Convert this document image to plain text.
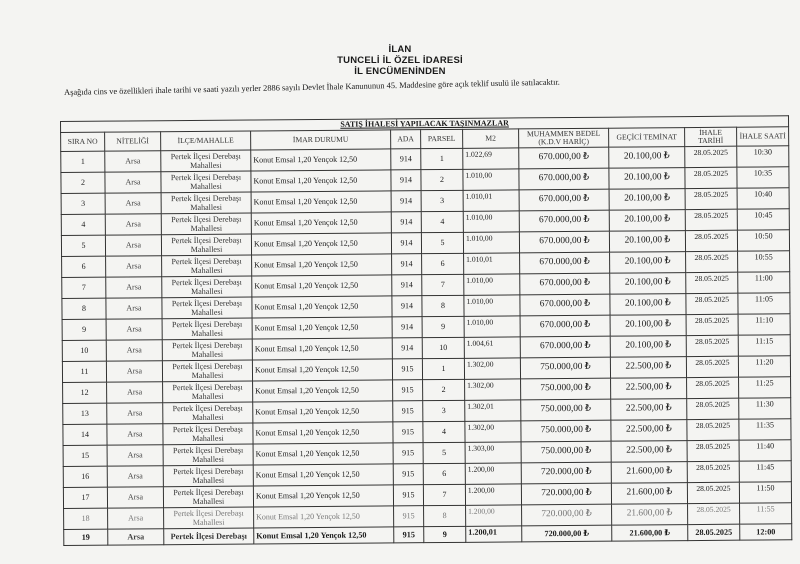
İLAN
TUNCELİ İL ÖZEL İDARESİ
İL ENCÜMENİNDEN
Aşağıda cins ve özellikleri ihale tarihi ve saati yazılı yerler 2886 sayılı Devlet İhale Kanununun 45. Maddesine göre açık teklif usulü ile satılacaktır.
SATIŞ İHALESİ YAPILACAK TAŞINMAZLAR										
SIRA NO	NİTELİĞİ	İLÇE/MAHALLE	İMAR DURUMU	ADA	PARSEL	M2	MUHAMMEN BEDEL (K.D.V HARİÇ)	GEÇİCİ TEMİNAT	İHALE TARİHİ	İHALE SAATİ
1	Arsa	Pertek İlçesi Derebaşı Mahallesi	Konut Emsal 1,20 Yençok 12,50	914	1	1.022,69	670.000,00 ₺	20.100,00 ₺	28.05.2025	10:30
2	Arsa	Pertek İlçesi Derebaşı Mahallesi	Konut Emsal 1,20 Yençok 12,50	914	2	1.010,00	670.000,00 ₺	20.100,00 ₺	28.05.2025	10:35
3	Arsa	Pertek İlçesi Derebaşı Mahallesi	Konut Emsal 1,20 Yençok 12,50	914	3	1.010,01	670.000,00 ₺	20.100,00 ₺	28.05.2025	10:40
4	Arsa	Pertek İlçesi Derebaşı Mahallesi	Konut Emsal 1,20 Yençok 12,50	914	4	1.010,00	670.000,00 ₺	20.100,00 ₺	28.05.2025	10:45
5	Arsa	Pertek İlçesi Derebaşı Mahallesi	Konut Emsal 1,20 Yençok 12,50	914	5	1.010,00	670.000,00 ₺	20.100,00 ₺	28.05.2025	10:50
6	Arsa	Pertek İlçesi Derebaşı Mahallesi	Konut Emsal 1,20 Yençok 12,50	914	6	1.010,01	670.000,00 ₺	20.100,00 ₺	28.05.2025	10:55
7	Arsa	Pertek İlçesi Derebaşı Mahallesi	Konut Emsal 1,20 Yençok 12,50	914	7	1.010,00	670.000,00 ₺	20.100,00 ₺	28.05.2025	11:00
8	Arsa	Pertek İlçesi Derebaşı Mahallesi	Konut Emsal 1,20 Yençok 12,50	914	8	1.010,00	670.000,00 ₺	20.100,00 ₺	28.05.2025	11:05
9	Arsa	Pertek İlçesi Derebaşı Mahallesi	Konut Emsal 1,20 Yençok 12,50	914	9	1.010,00	670.000,00 ₺	20.100,00 ₺	28.05.2025	11:10
10	Arsa	Pertek İlçesi Derebaşı Mahallesi	Konut Emsal 1,20 Yençok 12,50	914	10	1.004,61	670.000,00 ₺	20.100,00 ₺	28.05.2025	11:15
11	Arsa	Pertek İlçesi Derebaşı Mahallesi	Konut Emsal 1,20 Yençok 12,50	915	1	1.302,00	750.000,00 ₺	22.500,00 ₺	28.05.2025	11:20
12	Arsa	Pertek İlçesi Derebaşı Mahallesi	Konut Emsal 1,20 Yençok 12,50	915	2	1.302,00	750.000,00 ₺	22.500,00 ₺	28.05.2025	11:25
13	Arsa	Pertek İlçesi Derebaşı Mahallesi	Konut Emsal 1,20 Yençok 12,50	915	3	1.302,01	750.000,00 ₺	22.500,00 ₺	28.05.2025	11:30
14	Arsa	Pertek İlçesi Derebaşı Mahallesi	Konut Emsal 1,20 Yençok 12,50	915	4	1.302,00	750.000,00 ₺	22.500,00 ₺	28.05.2025	11:35
15	Arsa	Pertek İlçesi Derebaşı Mahallesi	Konut Emsal 1,20 Yençok 12,50	915	5	1.303,00	750.000,00 ₺	22.500,00 ₺	28.05.2025	11:40
16	Arsa	Pertek İlçesi Derebaşı Mahallesi	Konut Emsal 1,20 Yençok 12,50	915	6	1.200,00	720.000,00 ₺	21.600,00 ₺	28.05.2025	11:45
17	Arsa	Pertek İlçesi Derebaşı Mahallesi	Konut Emsal 1,20 Yençok 12,50	915	7	1.200,00	720.000,00 ₺	21.600,00 ₺	28.05.2025	11:50
18	Arsa	Pertek İlçesi Derebaşı Mahallesi	Konut Emsal 1,20 Yençok 12,50	915	8	1.200,00	720.000,00 ₺	21.600,00 ₺	28.05.2025	11:55
19	Arsa	Pertek İlçesi Derebaşı	Konut Emsal 1,20 Yençok 12,50	915	9	1.200,01	720.000,00 ₺	21.600,00 ₺	28.05.2025	12:00
